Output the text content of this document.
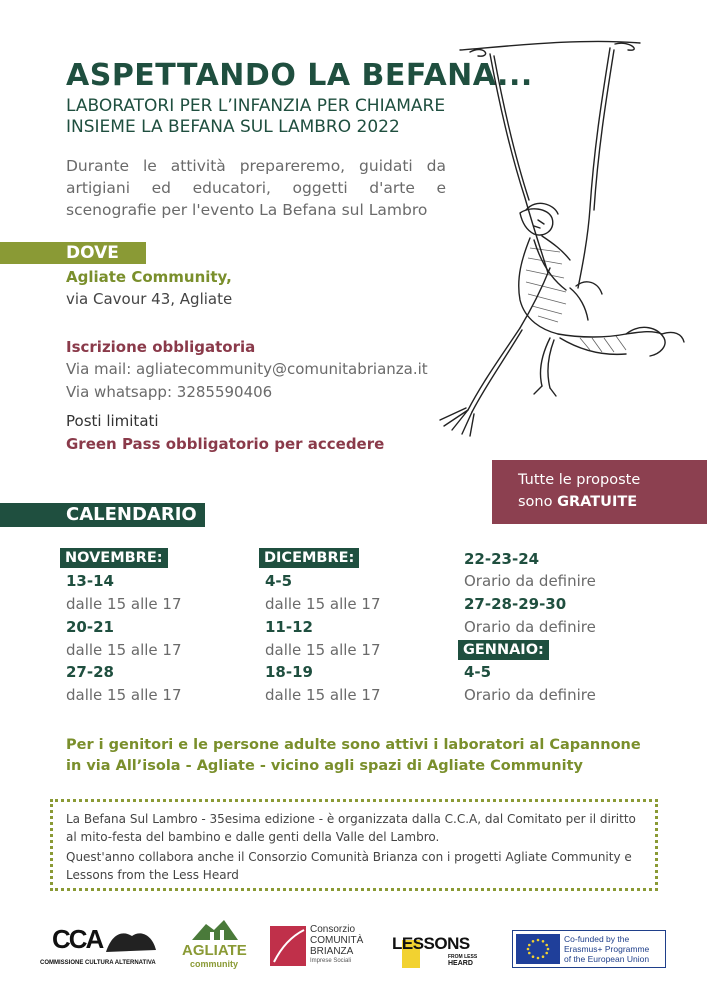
ASPETTANDO LA BEFANA...
LABORATORI PER L’INFANZIA PER CHIAMARE
INSIEME LA BEFANA SUL LAMBRO 2022
Durante le attività prepareremo, guidati da artigiani ed educatori, oggetti d'arte e scenografie per l'evento La Befana sul Lambro
DOVE
Agliate Community,
via Cavour 43, Agliate
Iscrizione obbligatoria
Via mail: agliatecommunity@comunitabrianza.it
Via whatsapp: 3285590406
Posti limitati
Green Pass obbligatorio per accedere
Tutte le proposte
sono GRATUITE
CALENDARIO
NOVEMBRE:
13-14
dalle 15 alle 17
20-21
dalle 15 alle 17
27-28
dalle 15 alle 17
DICEMBRE:
4-5
dalle 15 alle 17
11-12
dalle 15 alle 17
18-19
dalle 15 alle 17
22-23-24
Orario da definire
27-28-29-30
Orario da definire
GENNAIO:
4-5
Orario da definire
Per i genitori e le persone adulte sono attivi i laboratori al Capannone
in via All’isola - Agliate - vicino agli spazi di Agliate Community

La Befana Sul Lambro - 35esima edizione - è organizzata dalla C.C.A, dal Comitato per il diritto al mito-festa del bambino e dalle genti della Valle del Lambro.

Quest'anno collabora anche il Consorzio Comunità Brianza con i progetti Agliate Community e Lessons from the Less Heard

CCA
COMMISSIONE CULTURA ALTERNATIVA
AGLIATE
community
Consorzio
COMUNITÀ
BRIANZA
Imprese Sociali
LESSONS
FROM LESS
HEARD
Co-funded by the
Erasmus+ Programme
of the European Union
